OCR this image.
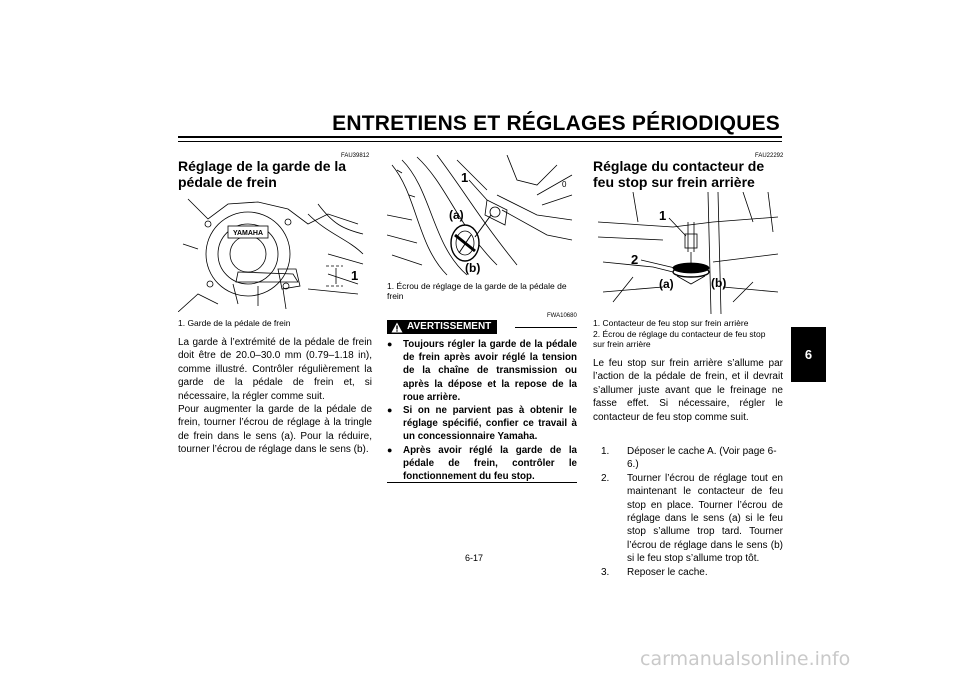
ENTRETIENS ET RÉGLAGES PÉRIODIQUES
FAU39812
Réglage de la garde de la pédale de frein
YAMAHA
1
1. Garde de la pédale de frein
La garde à l’extrémité de la pédale de frein doit être de 20.0–30.0 mm (0.79–1.18 in), comme illustré. Contrôler régulièrement la garde de la pédale de frein et, si nécessaire, la régler comme suit.
Pour augmenter la garde de la pédale de frein, tourner l’écrou de réglage à la tringle de frein dans le sens (a). Pour la réduire, tourner l’écrou de réglage dans le sens (b).
0
1
(a)
(b)
1. Écrou de réglage de la garde de la pédale de frein
FWA10680
AVERTISSEMENT
●	Toujours régler la garde de la pédale de frein après avoir réglé la tension de la chaîne de transmission ou après la dépose et la repose de la roue arrière.
●	Si on ne parvient pas à obtenir le réglage spécifié, confier ce travail à un concessionnaire Yamaha.
●	Après avoir réglé la garde de la pédale de frein, contrôler le fonctionnement du feu stop.
FAU22292
Réglage du contacteur de feu stop sur frein arrière
1
2
(a)	(b)
1. Contacteur de feu stop sur frein arrière
2. Écrou de réglage du contacteur de feu stop sur frein arrière
Le feu stop sur frein arrière s’allume par l’action de la pédale de frein, et il devrait s’allumer juste avant que le freinage ne fasse effet. Si nécessaire, régler le contacteur de feu stop comme suit.
1.	Déposer le cache A. (Voir page 6-6.)
2.	Tourner l’écrou de réglage tout en maintenant le contacteur de feu stop en place. Tourner l’écrou de réglage dans le sens (a) si le feu stop s’allume trop tard. Tourner l’écrou de réglage dans le sens (b) si le feu stop s’allume trop tôt.
3.	Reposer le cache.
6
6-17
carmanualsonline.info
